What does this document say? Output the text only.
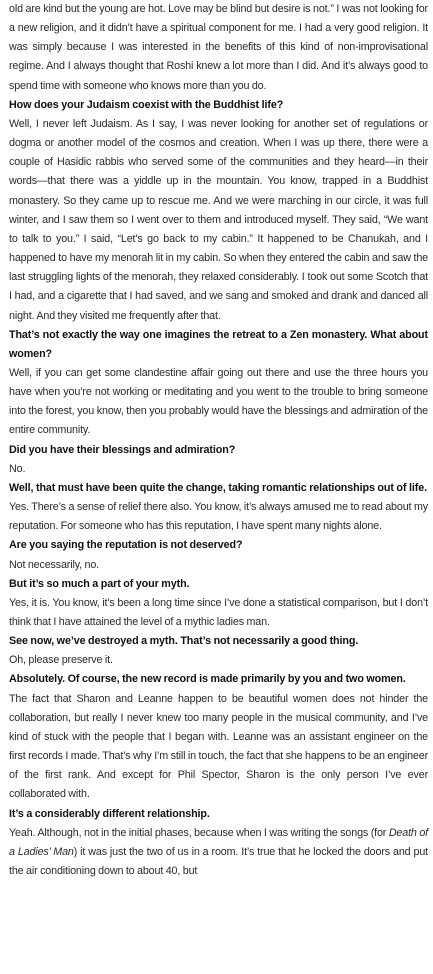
old are kind but the young are hot. Love may be blind but desire is not.” I was not looking for a new religion, and it didn’t have a spiritual component for me. I had a very good religion. It was simply because I was interested in the benefits of this kind of non-improvisational regime. And I always thought that Roshi knew a lot more than I did. And it’s always good to spend time with someone who knows more than you do.

How does your Judaism coexist with the Buddhist life?

Well, I never left Judaism. As I say, I was never looking for another set of regulations or dogma or another model of the cosmos and creation. When I was up there, there were a couple of Hasidic rabbis who served some of the communities and they heard—in their words—that there was a yiddle up in the mountain. You know, trapped in a Buddhist monastery. So they came up to rescue me. And we were marching in our circle, it was full winter, and I saw them so I went over to them and introduced myself. They said, “We want to talk to you.” I said, “Let’s go back to my cabin.” It happened to be Chanukah, and I happened to have my menorah lit in my cabin. So when they entered the cabin and saw the last struggling lights of the menorah, they relaxed considerably. I took out some Scotch that I had, and a cigarette that I had saved, and we sang and smoked and drank and danced all night. And they visited me frequently after that.

That’s not exactly the way one imagines the retreat to a Zen monastery. What about women?

Well, if you can get some clandestine affair going out there and use the three hours you have when you’re not working or meditating and you went to the trouble to bring someone into the forest, you know, then you probably would have the blessings and admiration of the entire community.

Did you have their blessings and admiration?

No.

Well, that must have been quite the change, taking romantic relationships out of life.

Yes. There’s a sense of relief there also. You know, it’s always amused me to read about my reputation. For someone who has this reputation, I have spent many nights alone.

Are you saying the reputation is not deserved?

Not necessarily, no.

But it’s so much a part of your myth.

Yes, it is. You know, it’s been a long time since I’ve done a statistical comparison, but I don’t think that I have attained the level of a mythic ladies man.

See now, we’ve destroyed a myth. That’s not necessarily a good thing.

Oh, please preserve it.

Absolutely. Of course, the new record is made primarily by you and two women.

The fact that Sharon and Leanne happen to be beautiful women does not hinder the collaboration, but really I never knew too many people in the musical community, and I’ve kind of stuck with the people that I began with. Leanne was an assistant engineer on the first records I made. That’s why I’m still in touch, the fact that she happens to be an engineer of the first rank. And except for Phil Spector, Sharon is the only person I’ve ever collaborated with.

It’s a considerably different relationship.

Yeah. Although, not in the initial phases, because when I was writing the songs (for Death of a Ladies’ Man) it was just the two of us in a room. It’s true that he locked the doors and put the air conditioning down to about 40, but
